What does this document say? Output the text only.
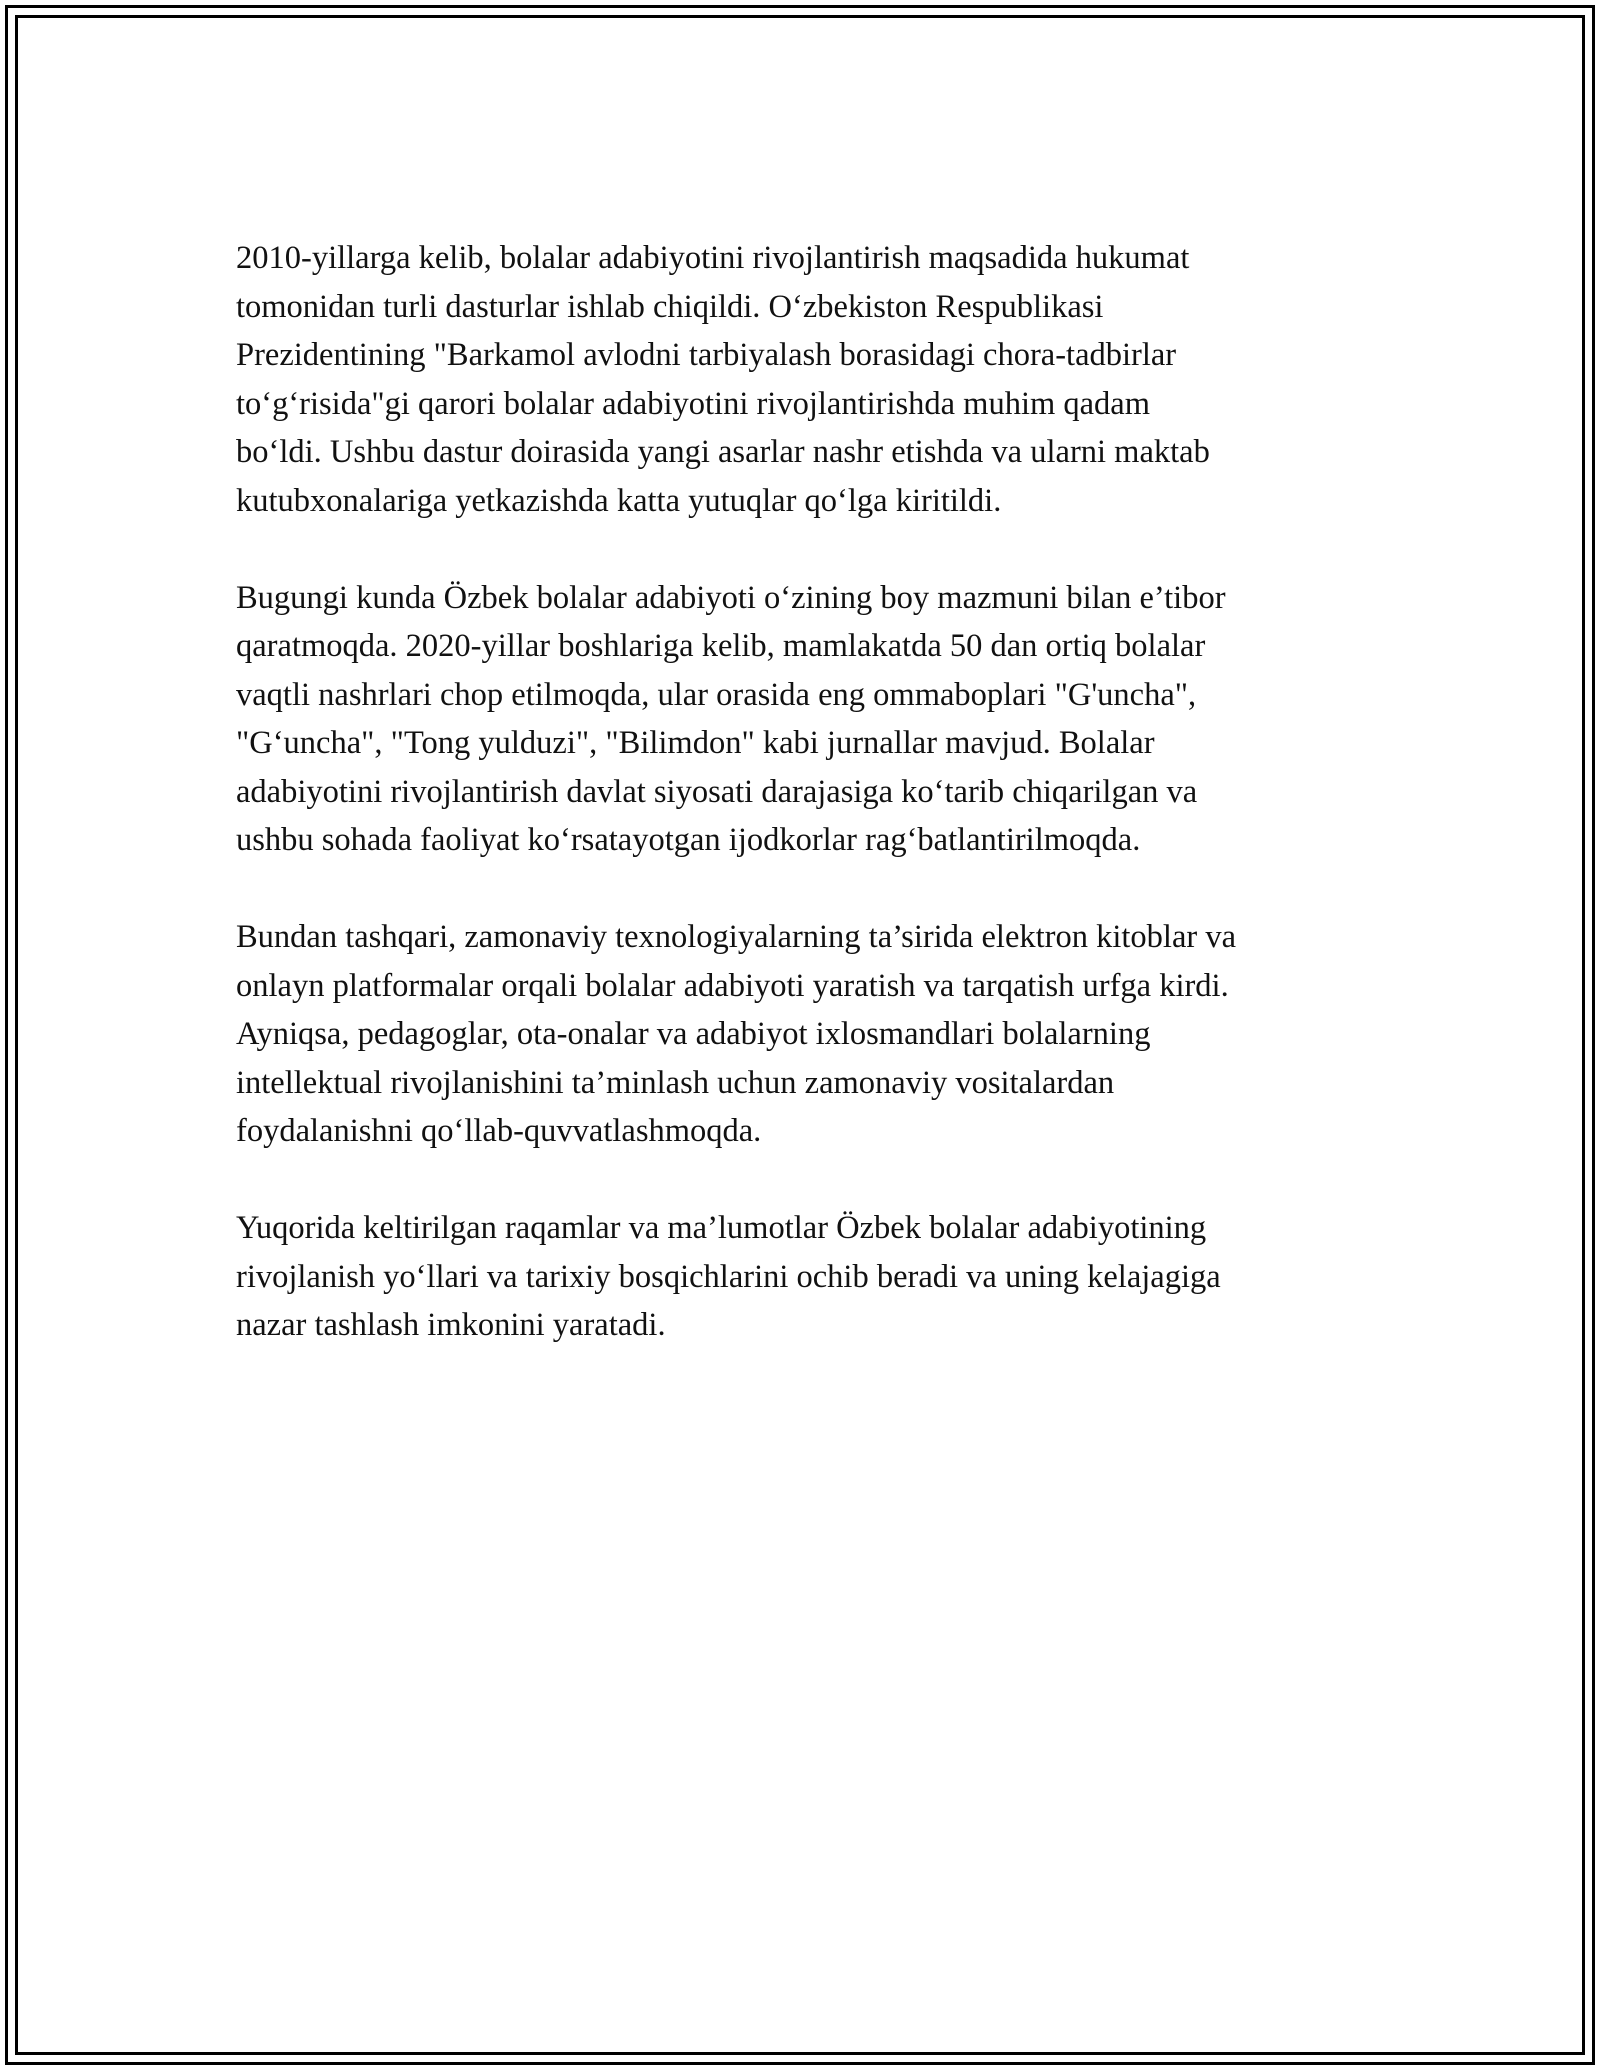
2010-yillarga kelib, bolalar adabiyotini rivojlantirish maqsadida hukumat
tomonidan turli dasturlar ishlab chiqildi. O‘zbekiston Respublikasi
Prezidentining "Barkamol avlodni tarbiyalash borasidagi chora-tadbirlar
to‘g‘risida"gi qarori bolalar adabiyotini rivojlantirishda muhim qadam
bo‘ldi. Ushbu dastur doirasida yangi asarlar nashr etishda va ularni maktab
kutubxonalariga yetkazishda katta yutuqlar qo‘lga kiritildi.

Bugungi kunda Özbek bolalar adabiyoti o‘zining boy mazmuni bilan e’tibor
qaratmoqda. 2020-yillar boshlariga kelib, mamlakatda 50 dan ortiq bolalar
vaqtli nashrlari chop etilmoqda, ular orasida eng ommaboplari "G'uncha",
"G‘uncha", "Tong yulduzi", "Bilimdon" kabi jurnallar mavjud. Bolalar
adabiyotini rivojlantirish davlat siyosati darajasiga ko‘tarib chiqarilgan va
ushbu sohada faoliyat ko‘rsatayotgan ijodkorlar rag‘batlantirilmoqda.

Bundan tashqari, zamonaviy texnologiyalarning ta’sirida elektron kitoblar va
onlayn platformalar orqali bolalar adabiyoti yaratish va tarqatish urfga kirdi.
Ayniqsa, pedagoglar, ota-onalar va adabiyot ixlosmandlari bolalarning
intellektual rivojlanishini ta’minlash uchun zamonaviy vositalardan
foydalanishni qo‘llab-quvvatlashmoqda.

Yuqorida keltirilgan raqamlar va ma’lumotlar Özbek bolalar adabiyotining
rivojlanish yo‘llari va tarixiy bosqichlarini ochib beradi va uning kelajagiga
nazar tashlash imkonini yaratadi.
